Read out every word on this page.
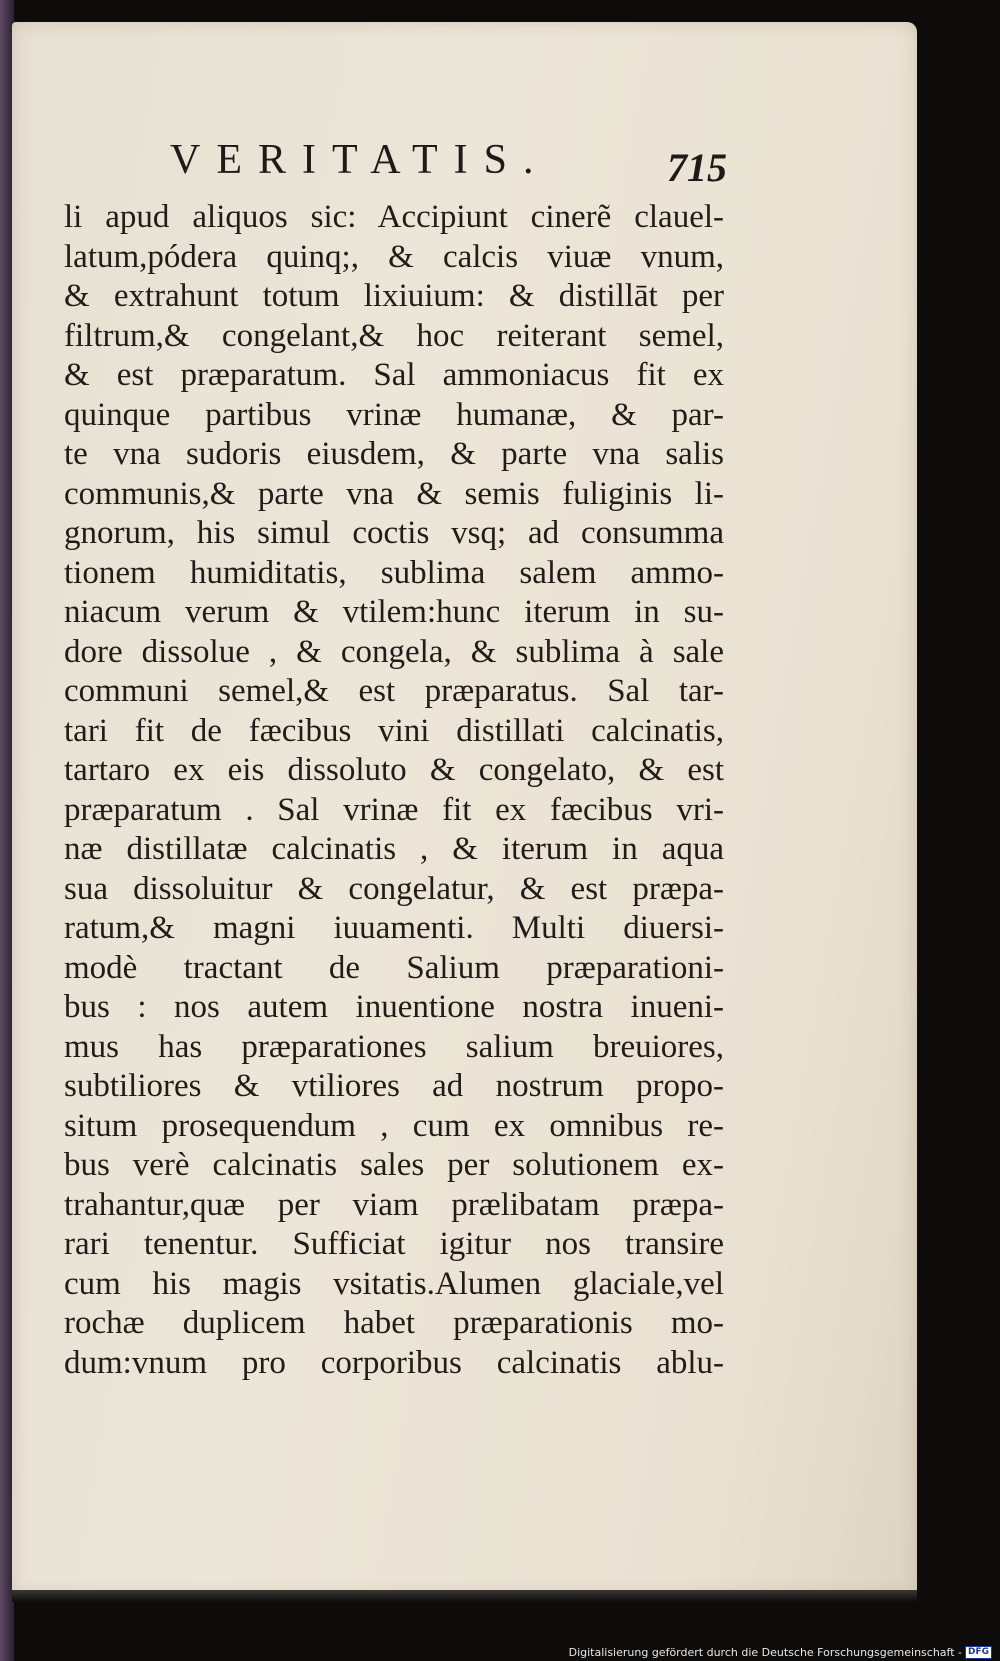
VERITATIS.	715
li apud aliquos sic: Accipiunt cinerẽ clauel-
latum,pódera quinq;, & calcis viuæ vnum,
& extrahunt totum lixiuium: & distillāt per
filtrum,& congelant,& hoc reiterant semel,
& est præparatum. Sal ammoniacus fit ex
quinque partibus vrinæ humanæ, & par-
te vna sudoris eiusdem, & parte vna salis
communis,& parte vna & semis fuliginis li-
gnorum, his simul coctis vsq; ad consumma
tionem humiditatis, sublima salem ammo-
niacum verum & vtilem:hunc iterum in su-
dore dissolue , & congela, & sublima à sale
communi semel,& est præparatus. Sal tar-
tari fit de fæcibus vini distillati calcinatis,
tartaro ex eis dissoluto & congelato, & est
præparatum . Sal vrinæ fit ex fæcibus vri-
næ distillatæ calcinatis , & iterum in aqua
sua dissoluitur & congelatur, & est præpa-
ratum,& magni iuuamenti. Multi diuersi-
modè tractant de Salium præparationi-
bus : nos autem inuentione nostra inueni-
mus has præparationes salium breuiores,
subtiliores & vtiliores ad nostrum propo-
situm prosequendum , cum ex omnibus re-
bus verè calcinatis sales per solutionem ex-
trahantur,quæ per viam prælibatam præpa-
rari tenentur. Sufficiat igitur nos transire
cum his magis vsitatis.Alumen glaciale,vel
rochæ duplicem habet præparationis mo-
dum:vnum pro corporibus calcinatis ablu-
Digitalisierung gefördert durch die Deutsche Forschungsgemeinschaft - DFG
